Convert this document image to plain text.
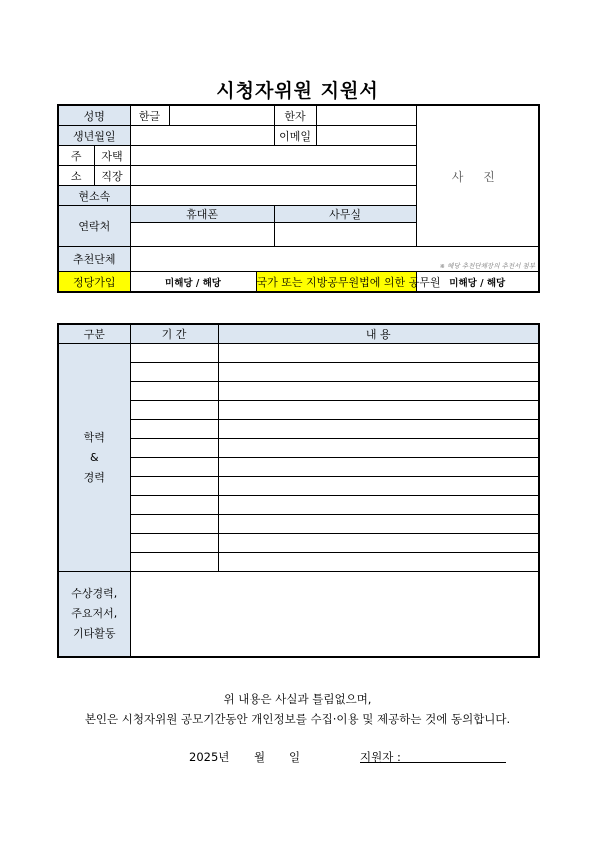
시청자위원 지원서
성명		한글			한자		사 진
생년월일					이메일		
주	자택						
소	직장						
현소속							
연락처		휴대폰			사무실		

추천단체		※ 해당 추천단체장의 추천서 첨부					

정당가입		미해당 / 해당		국가 또는 지방공무원법에 의한 공무원			미해당 / 해당
구분	기 간	내 용

학력
&
경력		

수상경력,
주요저서,
기타활동		

위 내용은 사실과 틀림없으며,
본인은 시청자위원 공모기간동안 개인정보를 수집·이용 및 제공하는 것에 동의합니다.
2025년 월 일	지원자 :
